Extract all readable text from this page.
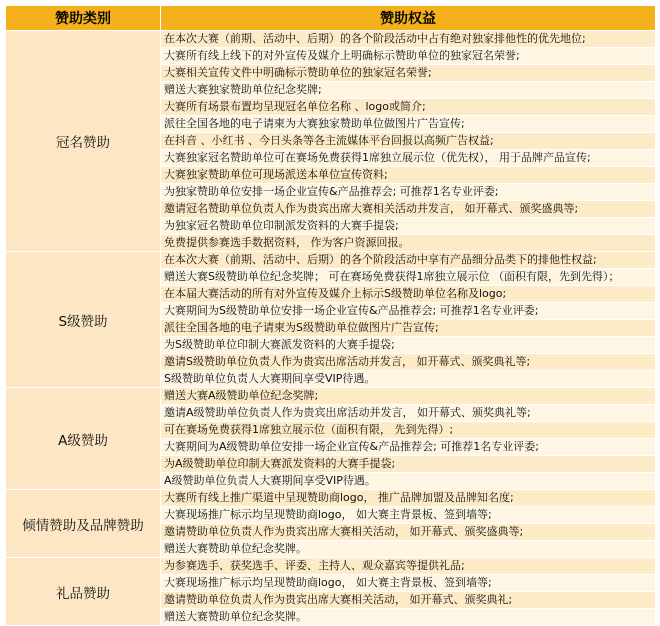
赞助类别	赞助权益
冠名赞助	在本次大赛（前期、活动中、后期）的各个阶段活动中占有绝对独家排他性的优先地位;
	大赛所有线上线下的对外宣传及媒介上明确标示赞助单位的独家冠名荣誉;
	大赛相关宣传文件中明确标示赞助单位的独家冠名荣誉;
	赠送大赛独家赞助单位纪念奖牌;
	大赛所有场景布置均呈现冠名单位名称 、logo或简介;
	派往全国各地的电子请柬为大赛独家赞助单位做图片广告宣传;
	在抖音 、小红书 、今日头条等各主流媒体平台回报以高频广告权益;
	大赛独家冠名赞助单位可在赛场免费获得1席独立展示位（优先权）， 用于品牌产品宣传;
	大赛独家赞助单位可现场派送本单位宣传资料;
	为独家赞助单位安排一场企业宣传&产品推荐会; 可推荐1名专业评委;
	邀请冠名赞助单位负责人作为贵宾出席大赛相关活动并发言， 如开幕式、颁奖盛典等;
	为独家冠名赞助单位印制派发资料的大赛手提袋;
	免费提供参赛选手数据资料， 作为客户资源回报。
S级赞助	在本次大赛（前期、活动中、后期）的各个阶段活动中享有产品细分品类下的排他性权益;
	赠送大赛S级赞助单位纪念奖牌； 可在赛场免费获得1席独立展示位 （面积有限，先到先得）；
	在本届大赛活动的所有对外宣传及媒介上标示S级赞助单位名称及logo;
	大赛期间为S级赞助单位安排一场企业宣传&产品推荐会; 可推荐1名专业评委;
	派往全国各地的电子请柬为S级赞助单位做图片广告宣传;
	为S级赞助单位印制大赛派发资料的大赛手提袋;
	邀请S级赞助单位负责人作为贵宾出席活动并发言， 如开幕式、颁奖典礼等;
	S级赞助单位负责人大赛期间享受VIP待遇。
A级赞助	赠送大赛A级赞助单位纪念奖牌;
	邀请A级赞助单位负责人作为贵宾出席活动并发言， 如开幕式、颁奖典礼等;
	可在赛场免费获得1席独立展示位（面积有限， 先到先得）;
	大赛期间为A级赞助单位安排一场企业宣传&产品推荐会; 可推荐1名专业评委;
	为A级赞助单位印制大赛派发资料的大赛手提袋;
	A级赞助单位负责人大赛期间享受VIP待遇。
倾情赞助及品牌赞助	大赛所有线上推广渠道中呈现赞助商logo， 推广品牌加盟及品牌知名度;
	大赛现场推广标示均呈现赞助商logo， 如大赛主背景板、签到墙等;
	邀请赞助单位负责人作为贵宾出席大赛相关活动， 如开幕式、颁奖盛典等;
	赠送大赛赞助单位纪念奖牌。
礼品赞助	为参赛选手、获奖选手、评委、主持人、观众嘉宾等提供礼品;
	大赛现场推广标示均呈现赞助商logo， 如大赛主背景板、签到墙等;
	邀请赞助单位负责人作为贵宾出席大赛相关活动， 如开幕式、颁奖典礼;
	赠送大赛赞助单位纪念奖牌。
